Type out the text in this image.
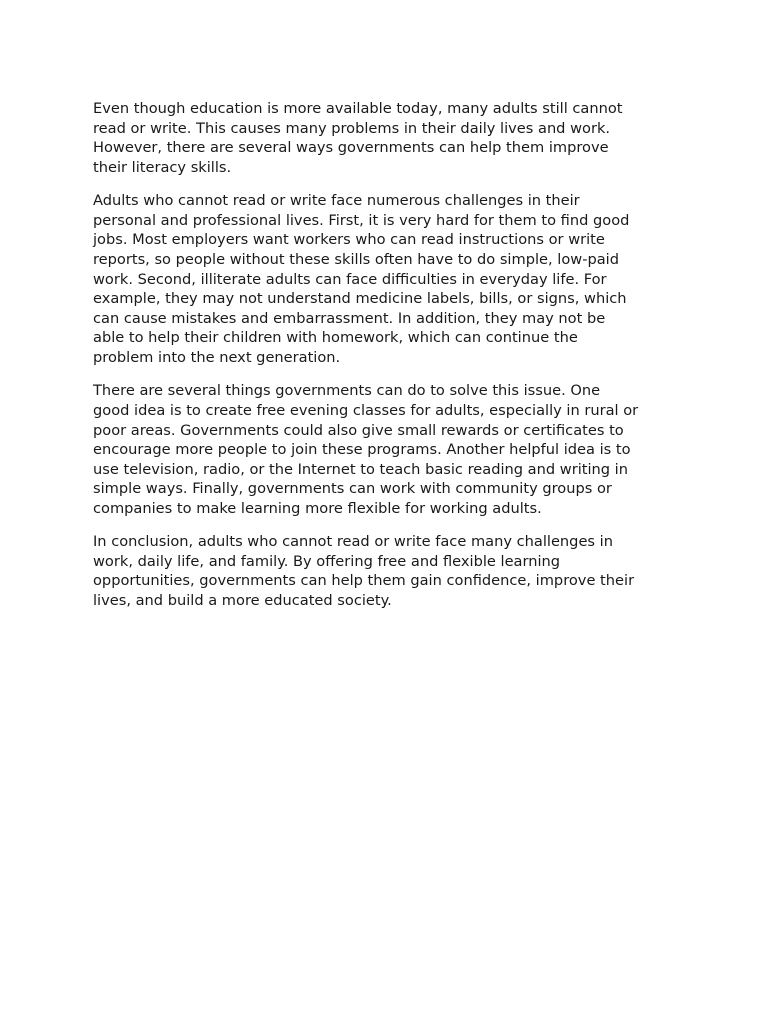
Even though education is more available today, many adults still cannot
read or write. This causes many problems in their daily lives and work.
However, there are several ways governments can help them improve
their literacy skills.

Adults who cannot read or write face numerous challenges in their
personal and professional lives. First, it is very hard for them to find good
jobs. Most employers want workers who can read instructions or write
reports, so people without these skills often have to do simple, low-paid
work. Second, illiterate adults can face difficulties in everyday life. For
example, they may not understand medicine labels, bills, or signs, which
can cause mistakes and embarrassment. In addition, they may not be
able to help their children with homework, which can continue the
problem into the next generation.

There are several things governments can do to solve this issue. One
good idea is to create free evening classes for adults, especially in rural or
poor areas. Governments could also give small rewards or certificates to
encourage more people to join these programs. Another helpful idea is to
use television, radio, or the Internet to teach basic reading and writing in
simple ways. Finally, governments can work with community groups or
companies to make learning more flexible for working adults.

In conclusion, adults who cannot read or write face many challenges in
work, daily life, and family. By offering free and flexible learning
opportunities, governments can help them gain confidence, improve their
lives, and build a more educated society.
